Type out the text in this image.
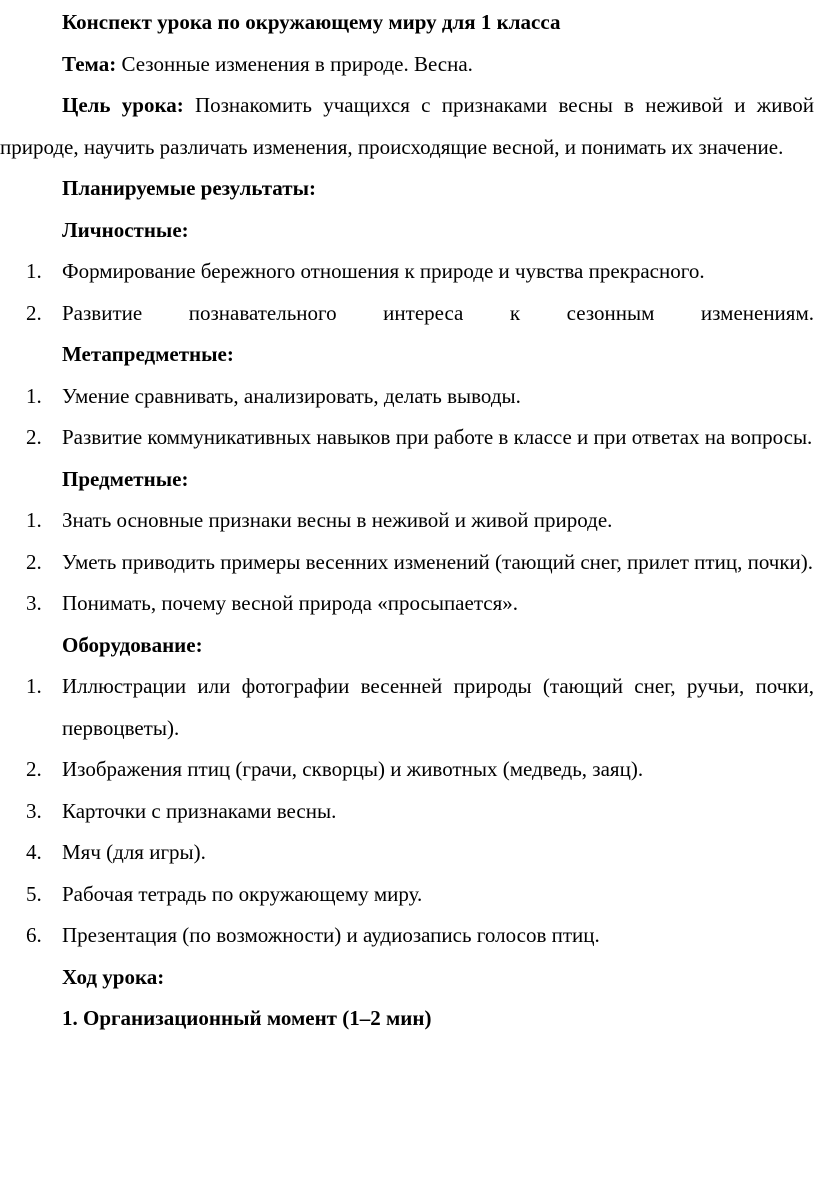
Конспект урока по окружающему миру для 1 класса
Тема: Сезонные изменения в природе. Весна.
Цель урока: Познакомить учащихся с признаками весны в неживой и живой природе, научить различать изменения, происходящие весной, и понимать их значение.
Планируемые результаты:
Личностные:
1. Формирование бережного отношения к природе и чувства прекрасного.
2. Развитие познавательного интереса к сезонным изменениям.
Метапредметные:
1. Умение сравнивать, анализировать, делать выводы.
2. Развитие коммуникативных навыков при работе в классе и при ответах на вопросы.
Предметные:
1. Знать основные признаки весны в неживой и живой природе.
2. Уметь приводить примеры весенних изменений (тающий снег, прилет птиц, почки).
3. Понимать, почему весной природа «просыпается».
Оборудование:
1. Иллюстрации или фотографии весенней природы (тающий снег, ручьи, почки, первоцветы).
2. Изображения птиц (грачи, скворцы) и животных (медведь, заяц).
3. Карточки с признаками весны.
4. Мяч (для игры).
5. Рабочая тетрадь по окружающему миру.
6. Презентация (по возможности) и аудиозапись голосов птиц.
Ход урока:
1. Организационный момент (1–2 мин)
